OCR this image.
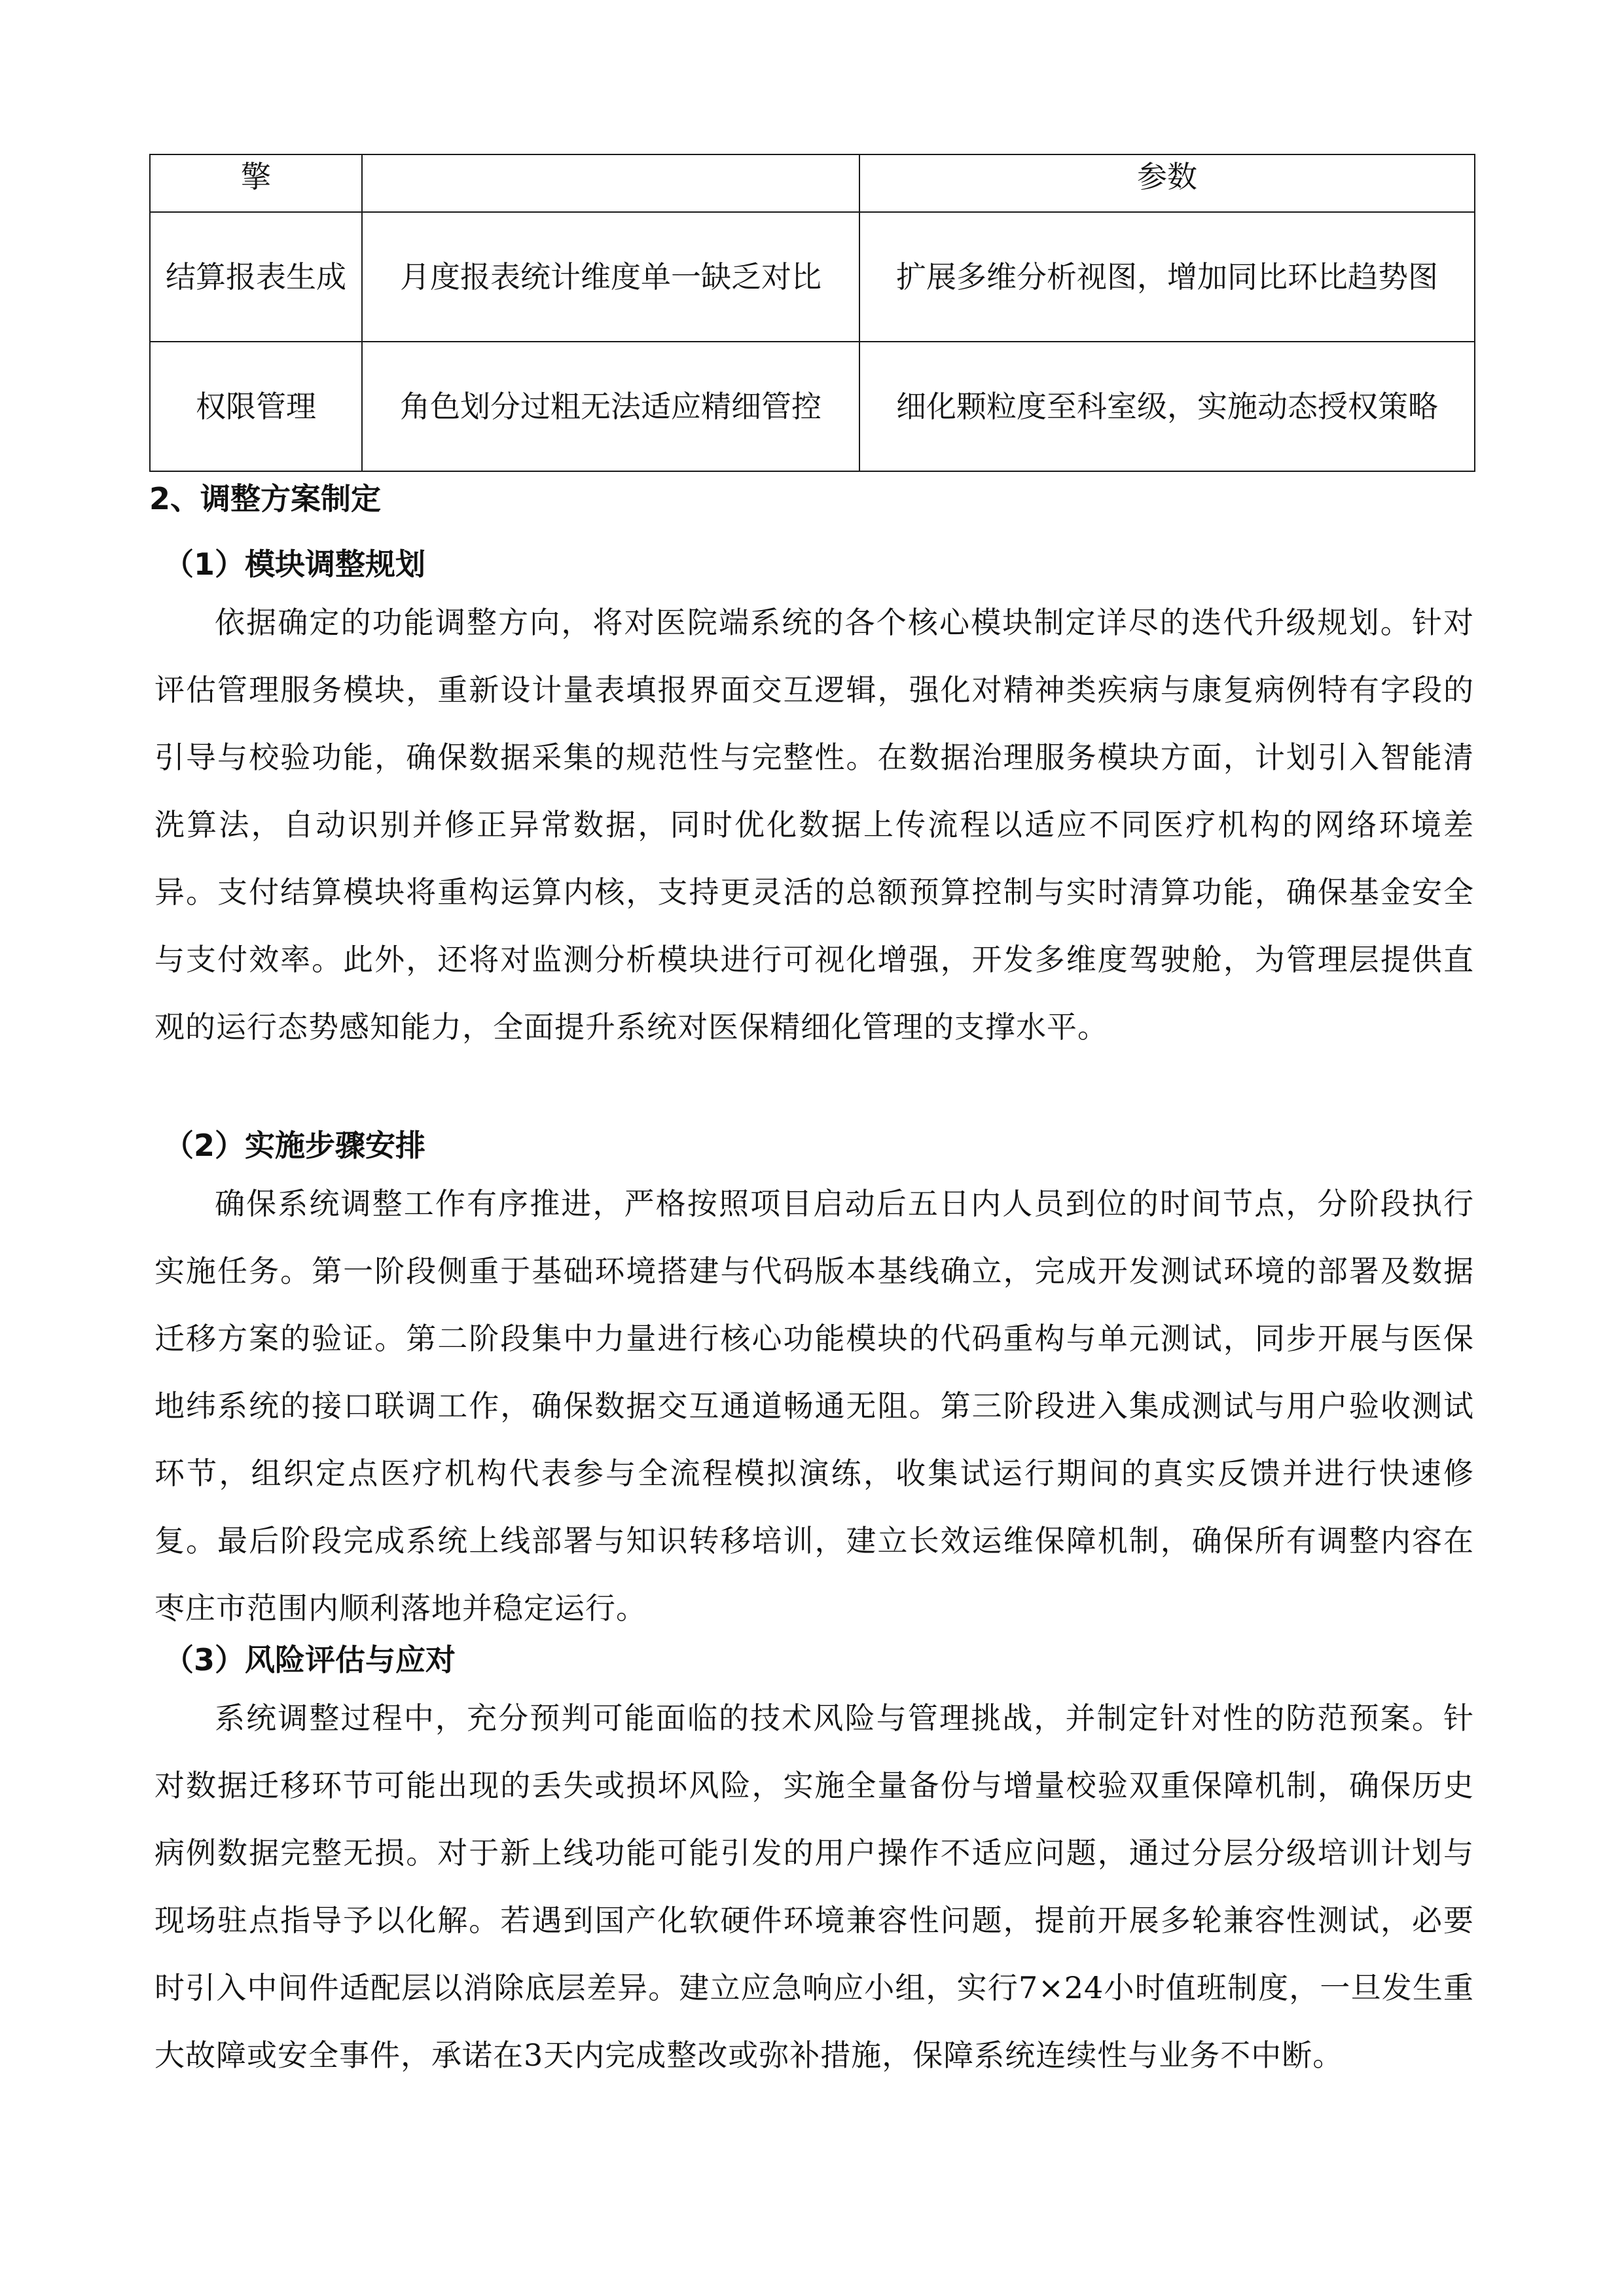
擎		参数
结算报表生成	月度报表统计维度单一缺乏对比	扩展多维分析视图，增加同比环比趋势图
权限管理	角色划分过粗无法适应精细管控	细化颗粒度至科室级，实施动态授权策略
2、调整方案制定
（1）模块调整规划
依据确定的功能调整方向，将对医院端系统的各个核心模块制定详尽的迭代升级规划。针对评估管理服务模块，重新设计量表填报界面交互逻辑，强化对精神类疾病与康复病例特有字段的引导与校验功能，确保数据采集的规范性与完整性。在数据治理服务模块方面，计划引入智能清洗算法，自动识别并修正异常数据，同时优化数据上传流程以适应不同医疗机构的网络环境差异。支付结算模块将重构运算内核，支持更灵活的总额预算控制与实时清算功能，确保基金安全与支付效率。此外，还将对监测分析模块进行可视化增强，开发多维度驾驶舱，为管理层提供直观的运行态势感知能力，全面提升系统对医保精细化管理的支撑水平。
（2）实施步骤安排
确保系统调整工作有序推进，严格按照项目启动后五日内人员到位的时间节点，分阶段执行实施任务。第一阶段侧重于基础环境搭建与代码版本基线确立，完成开发测试环境的部署及数据迁移方案的验证。第二阶段集中力量进行核心功能模块的代码重构与单元测试，同步开展与医保地纬系统的接口联调工作，确保数据交互通道畅通无阻。第三阶段进入集成测试与用户验收测试环节，组织定点医疗机构代表参与全流程模拟演练，收集试运行期间的真实反馈并进行快速修复。最后阶段完成系统上线部署与知识转移培训，建立长效运维保障机制，确保所有调整内容在枣庄市范围内顺利落地并稳定运行。
（3）风险评估与应对
系统调整过程中，充分预判可能面临的技术风险与管理挑战，并制定针对性的防范预案。针对数据迁移环节可能出现的丢失或损坏风险，实施全量备份与增量校验双重保障机制，确保历史病例数据完整无损。对于新上线功能可能引发的用户操作不适应问题，通过分层分级培训计划与现场驻点指导予以化解。若遇到国产化软硬件环境兼容性问题，提前开展多轮兼容性测试，必要时引入中间件适配层以消除底层差异。建立应急响应小组，实行7×24小时值班制度，一旦发生重大故障或安全事件，承诺在3天内完成整改或弥补措施，保障系统连续性与业务不中断。
